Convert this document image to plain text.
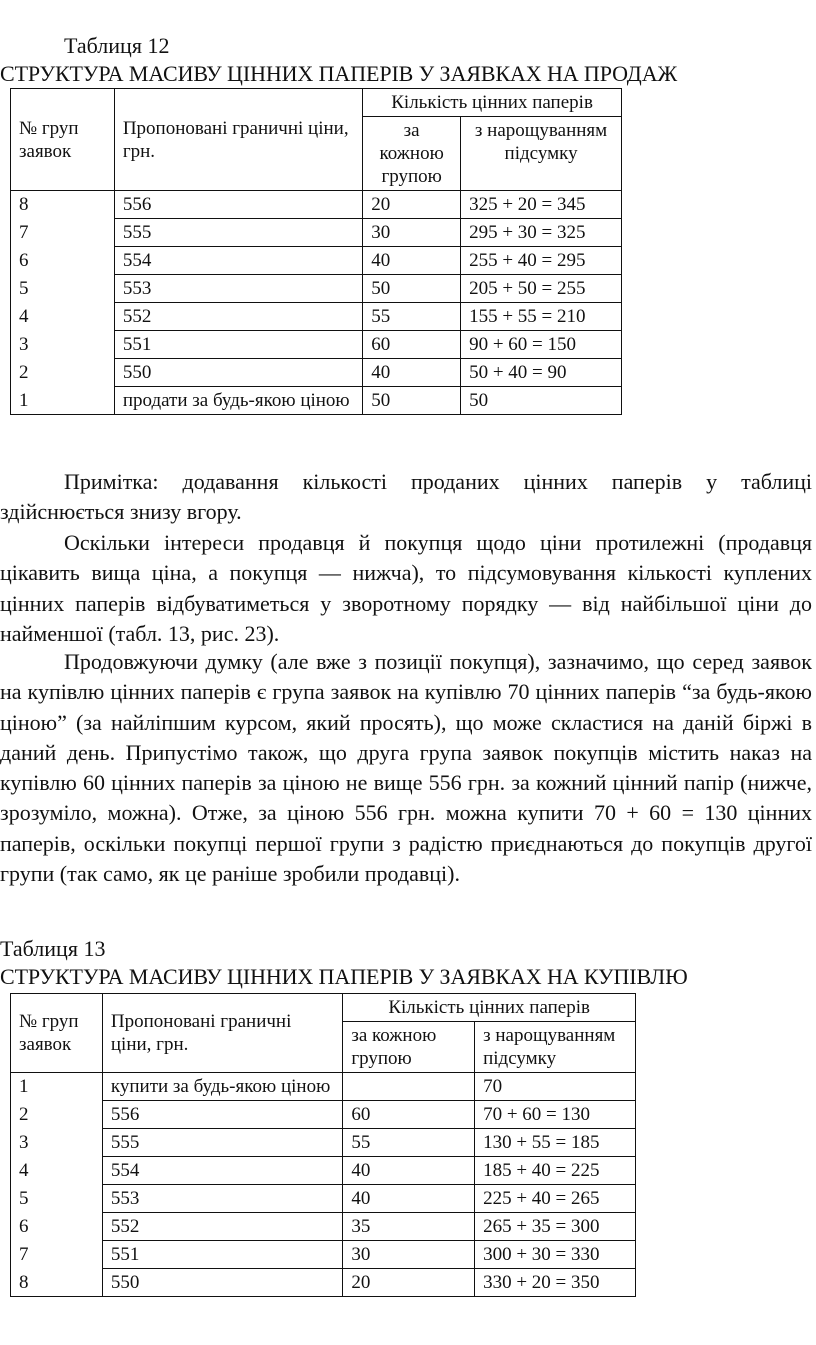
Таблиця 12
СТРУКТУРА МАСИВУ ЦІННИХ ПАПЕРІВ У ЗАЯВКАХ НА ПРОДАЖ
№ груп заявок	Пропоновані граничні ціни, грн.	Кількість цінних паперів	
		за кожною групою	з нарощуванням підсумку
8	556	20	325 + 20 = 345
7	555	30	295 + 30 = 325
6	554	40	255 + 40 = 295
5	553	50	205 + 50 = 255
4	552	55	155 + 55 = 210
3	551	60	90 + 60 = 150
2	550	40	50 + 40 = 90
1	продати за будь-якою ціною	50	50

Примітка: додавання кількості проданих цінних паперів у таблиці здійснюється знизу вгору.

Оскільки інтереси продавця й покупця щодо ціни протилежні (продавця цікавить вища ціна, а покупця — нижча), то підсумовування кількості куплених цінних паперів відбуватиметься у зворотному порядку — від найбільшої ціни до найменшої (табл. 13, рис. 23).

Продовжуючи думку (але вже з позиції покупця), зазначимо, що серед заявок на купівлю цінних паперів є група заявок на купівлю 70 цінних паперів “за будь-якою ціною” (за найліпшим курсом, який просять), що може скластися на даній біржі в даний день. Припустімо також, що друга група заявок покупців містить наказ на купівлю 60 цінних паперів за ціною не вище 556 грн. за кожний цінний папір (нижче, зрозуміло, можна). Отже, за ціною 556 грн. можна купити 70 + 60 = 130 цінних паперів, оскільки покупці першої групи з радістю приєднаються до покупців другої групи (так само, як це раніше зробили продавці).

Таблиця 13
СТРУКТУРА МАСИВУ ЦІННИХ ПАПЕРІВ У ЗАЯВКАХ НА КУПІВЛЮ
№ груп заявок	Пропоновані граничні ціни, грн.	Кількість цінних паперів	
		за кожною групою	з нарощуванням підсумку
1	купити за будь-якою ціною		70
2	556	60	70 + 60 = 130
3	555	55	130 + 55 = 185
4	554	40	185 + 40 = 225
5	553	40	225 + 40 = 265
6	552	35	265 + 35 = 300
7	551	30	300 + 30 = 330
8	550	20	330 + 20 = 350
